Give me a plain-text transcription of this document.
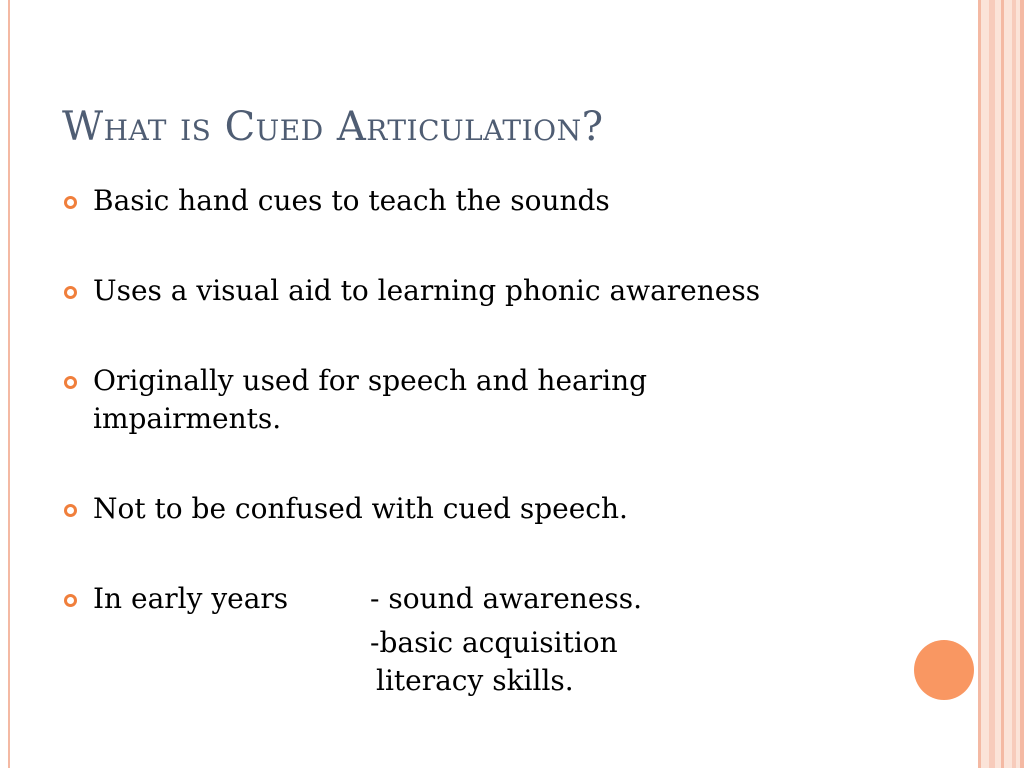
What is Cued Articulation?
Basic hand cues to teach the sounds
Uses a visual aid to learning phonic awareness
Originally used for speech and hearing impairments.
Not to be confused with cued speech.
In early years	- sound awareness.
-basic acquisition
literacy skills.
